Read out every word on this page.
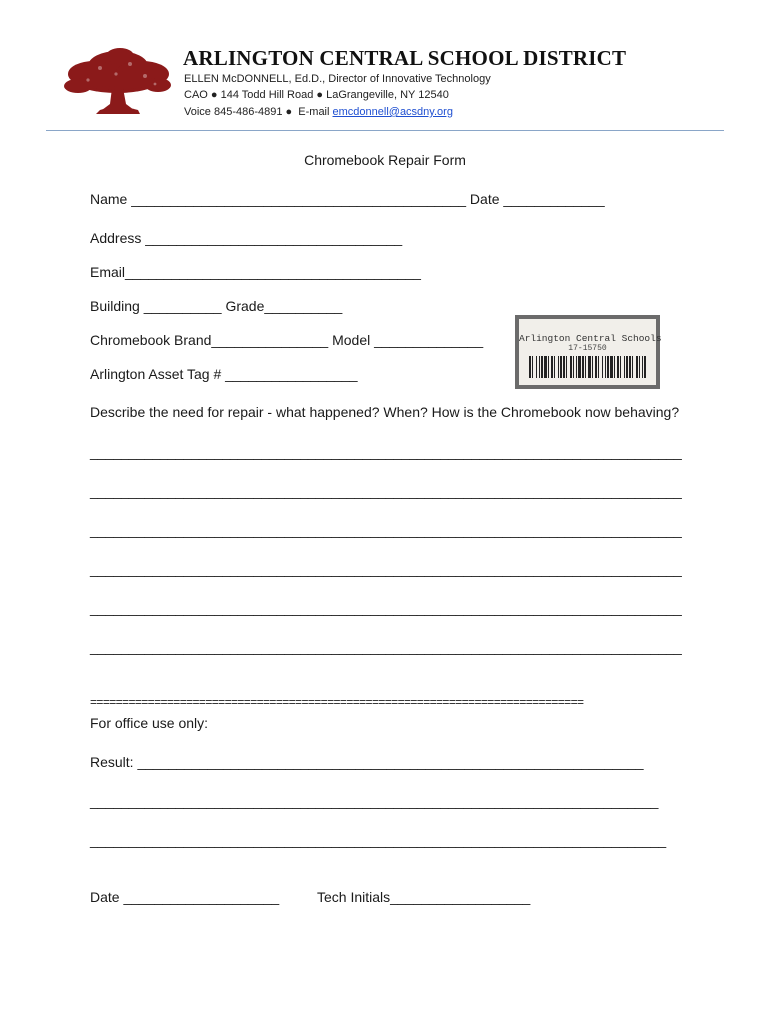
ARLINGTON CENTRAL SCHOOL DISTRICT
ELLEN McDONNELL, Ed.D., Director of Innovative Technology
CAO ● 144 Todd Hill Road ● LaGrangeville, NY 12540
Voice 845-486-4891 ●  E-mail emcdonnell@acsdny.org
Chromebook Repair Form
Name ___________________________________________ Date _____________
Address _________________________________
Email______________________________________
Building __________ Grade__________
Chromebook Brand_______________ Model ______________
Arlington Asset Tag # _________________
Arlington Central Schools
17-15750
Describe the need for repair - what happened? When? How is the Chromebook now behaving?
____________________________________________________________________________
____________________________________________________________________________
____________________________________________________________________________
____________________________________________________________________________
____________________________________________________________________________
____________________________________________________________________________
=============================================================================
For office use only:
Result: _________________________________________________________________
_________________________________________________________________________
__________________________________________________________________________
Date ____________________	Tech Initials__________________
